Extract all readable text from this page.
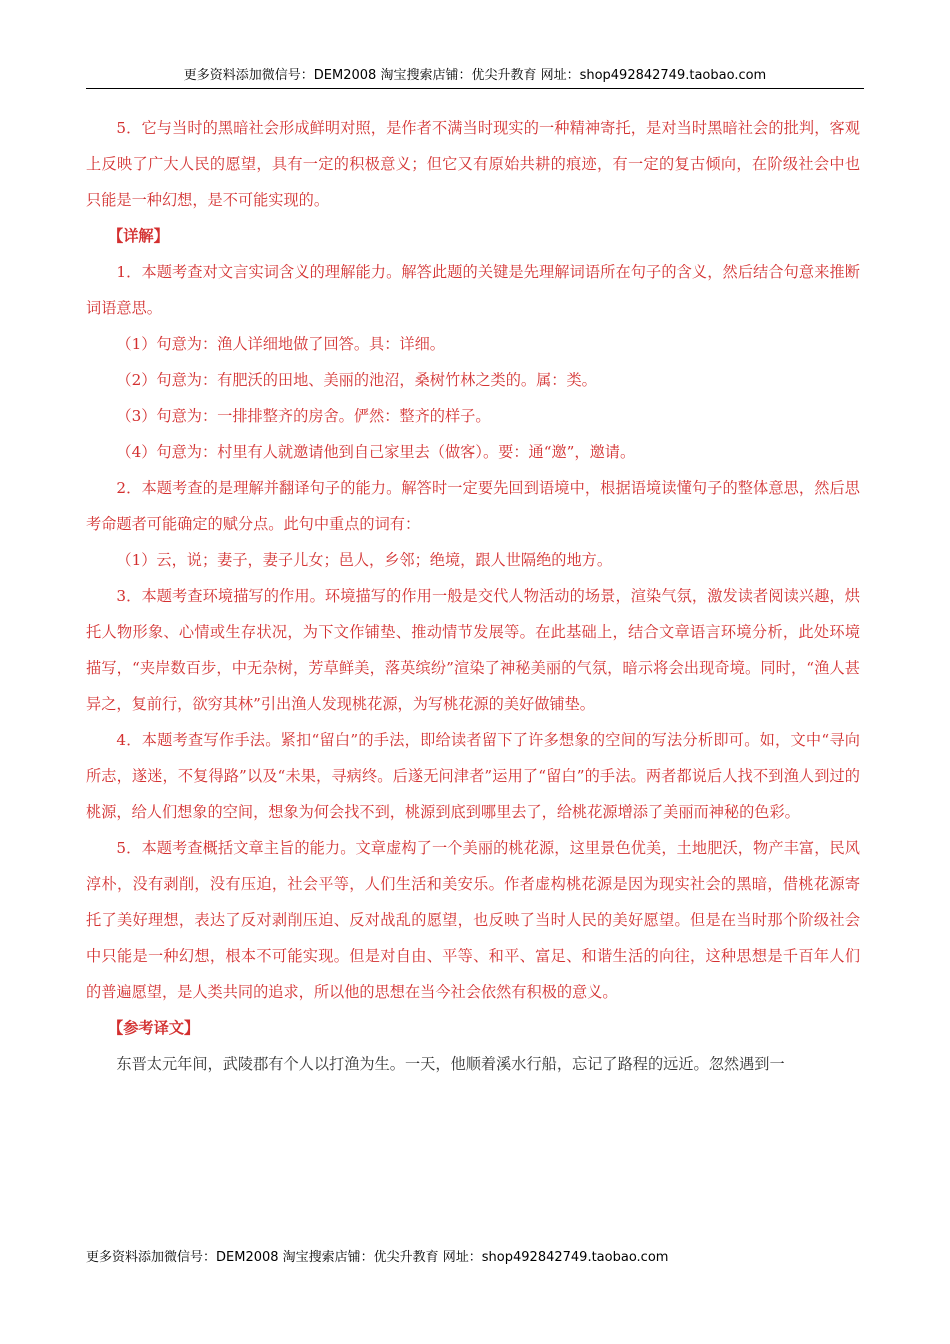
更多资料添加微信号：DEM2008 淘宝搜索店铺：优尖升教育 网址：shop492842749.taobao.com

5．它与当时的黑暗社会形成鲜明对照，是作者不满当时现实的一种精神寄托，是对当时黑暗社会的批判，客观上反映了广大人民的愿望，具有一定的积极意义；但它又有原始共耕的痕迹，有一定的复古倾向，在阶级社会中也只能是一种幻想，是不可能实现的。

【详解】

1．本题考查对文言实词含义的理解能力。解答此题的关键是先理解词语所在句子的含义，然后结合句意来推断词语意思。

（1）句意为：渔人详细地做了回答。具：详细。

（2）句意为：有肥沃的田地、美丽的池沼，桑树竹林之类的。属：类。

（3）句意为：一排排整齐的房舍。俨然：整齐的样子。

（4）句意为：村里有人就邀请他到自己家里去（做客）。要：通“邀”，邀请。

2．本题考查的是理解并翻译句子的能力。解答时一定要先回到语境中，根据语境读懂句子的整体意思，然后思考命题者可能确定的赋分点。此句中重点的词有：

（1）云，说；妻子，妻子儿女；邑人，乡邻；绝境，跟人世隔绝的地方。

3．本题考查环境描写的作用。环境描写的作用一般是交代人物活动的场景，渲染气氛，激发读者阅读兴趣，烘托人物形象、心情或生存状况，为下文作铺垫、推动情节发展等。在此基础上，结合文章语言环境分析，此处环境描写，“夹岸数百步，中无杂树，芳草鲜美，落英缤纷”渲染了神秘美丽的气氛，暗示将会出现奇境。同时，“渔人甚异之，复前行，欲穷其林”引出渔人发现桃花源，为写桃花源的美好做铺垫。

4．本题考查写作手法。紧扣“留白”的手法，即给读者留下了许多想象的空间的写法分析即可。如，文中“寻向所志，遂迷，不复得路”以及“未果，寻病终。后遂无问津者”运用了“留白”的手法。两者都说后人找不到渔人到过的桃源，给人们想象的空间，想象为何会找不到，桃源到底到哪里去了，给桃花源增添了美丽而神秘的色彩。

5．本题考查概括文章主旨的能力。文章虚构了一个美丽的桃花源，这里景色优美，土地肥沃，物产丰富，民风淳朴，没有剥削，没有压迫，社会平等，人们生活和美安乐。作者虚构桃花源是因为现实社会的黑暗，借桃花源寄托了美好理想，表达了反对剥削压迫、反对战乱的愿望，也反映了当时人民的美好愿望。但是在当时那个阶级社会中只能是一种幻想，根本不可能实现。但是对自由、平等、和平、富足、和谐生活的向往，这种思想是千百年人们的普遍愿望，是人类共同的追求，所以他的思想在当今社会依然有积极的意义。

【参考译文】

东晋太元年间，武陵郡有个人以打渔为生。一天，他顺着溪水行船，忘记了路程的远近。忽然遇到一

更多资料添加微信号：DEM2008 淘宝搜索店铺：优尖升教育 网址：shop492842749.taobao.com
